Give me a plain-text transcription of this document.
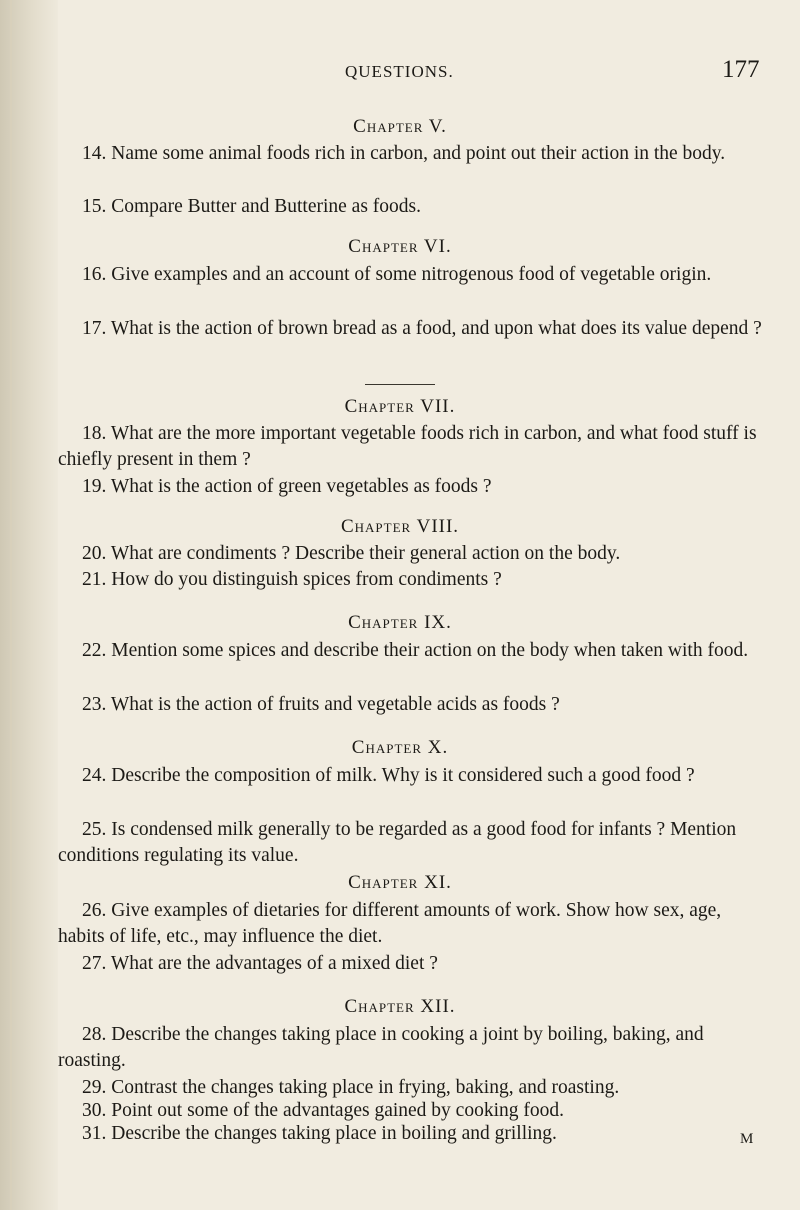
QUESTIONS.	177
Chapter V.
14. Name some animal foods rich in carbon, and point out their action in the body.
15. Compare Butter and Butterine as foods.
Chapter VI.
16. Give examples and an account of some nitrogenous food of vegetable origin.
17. What is the action of brown bread as a food, and upon what does its value depend ?
Chapter VII.
18. What are the more important vegetable foods rich in carbon, and what food stuff is chiefly present in them ?
19. What is the action of green vegetables as foods ?
Chapter VIII.
20. What are condiments ? Describe their general action on the body.
21. How do you distinguish spices from condiments ?
Chapter IX.
22. Mention some spices and describe their action on the body when taken with food.
23. What is the action of fruits and vegetable acids as foods ?
Chapter X.
24. Describe the composition of milk. Why is it considered such a good food ?
25. Is condensed milk generally to be regarded as a good food for infants ? Mention conditions regulating its value.
Chapter XI.
26. Give examples of dietaries for different amounts of work. Show how sex, age, habits of life, etc., may influence the diet.
27. What are the advantages of a mixed diet ?
Chapter XII.
28. Describe the changes taking place in cooking a joint by boiling, baking, and roasting.
29. Contrast the changes taking place in frying, baking, and roasting.
30. Point out some of the advantages gained by cooking food.
31. Describe the changes taking place in boiling and grilling.	M
